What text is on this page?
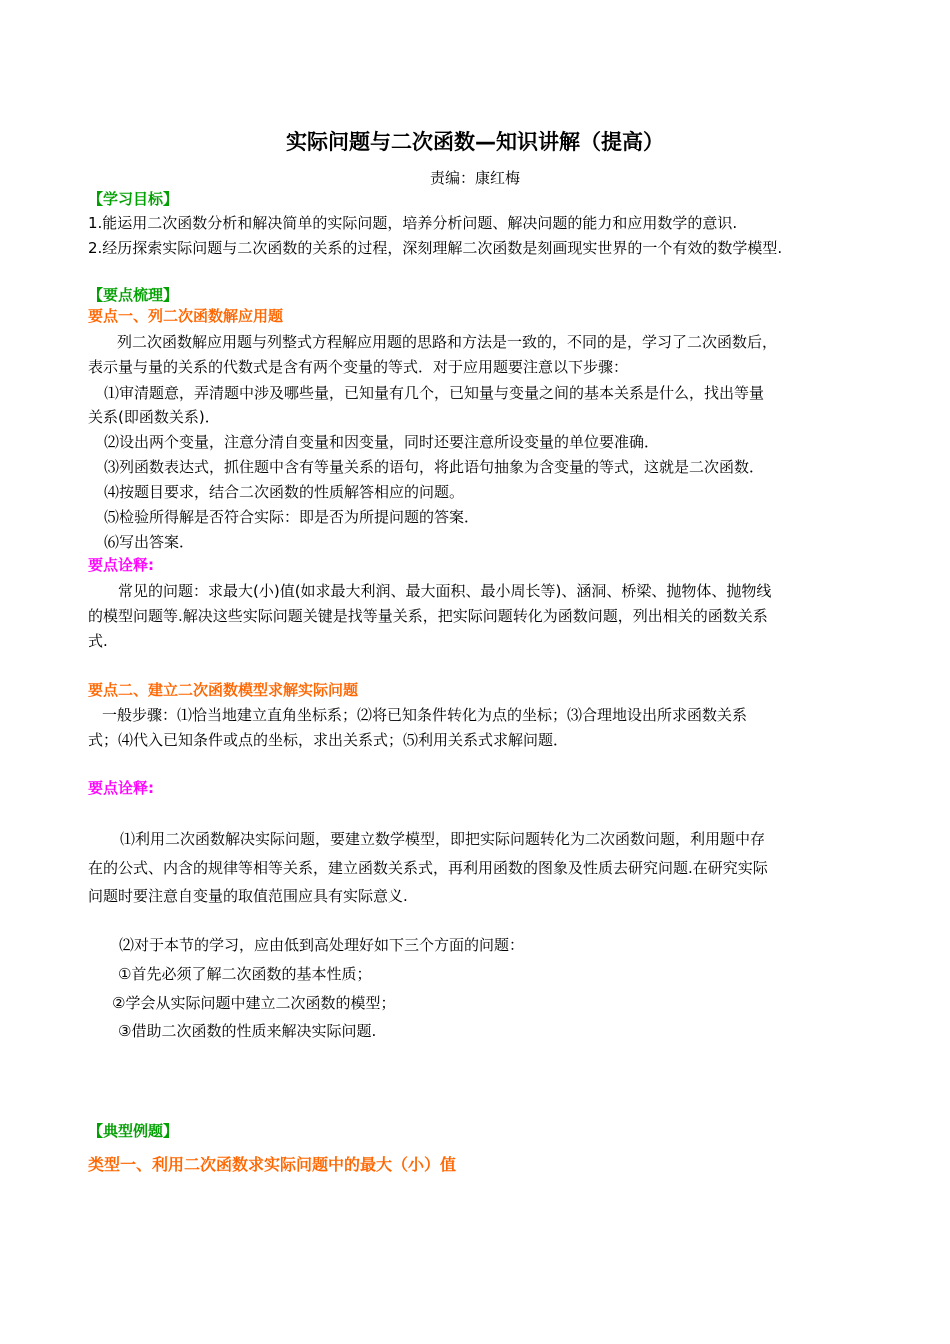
实际问题与二次函数—知识讲解（提高）
责编：康红梅
【学习目标】
1.能运用二次函数分析和解决简单的实际问题，培养分析问题、解决问题的能力和应用数学的意识.
2.经历探索实际问题与二次函数的关系的过程，深刻理解二次函数是刻画现实世界的一个有效的数学模型.
【要点梳理】
要点一、列二次函数解应用题
列二次函数解应用题与列整式方程解应用题的思路和方法是一致的，不同的是，学习了二次函数后，
表示量与量的关系的代数式是含有两个变量的等式．对于应用题要注意以下步骤：
⑴审清题意，弄清题中涉及哪些量，已知量有几个，已知量与变量之间的基本关系是什么，找出等量
关系(即函数关系)．
⑵设出两个变量，注意分清自变量和因变量，同时还要注意所设变量的单位要准确．
⑶列函数表达式，抓住题中含有等量关系的语句，将此语句抽象为含变量的等式，这就是二次函数．
⑷按题目要求，结合二次函数的性质解答相应的问题。
⑸检验所得解是否符合实际：即是否为所提问题的答案．
⑹写出答案．
要点诠释:
常见的问题：求最大(小)值(如求最大利润、最大面积、最小周长等)、涵洞、桥梁、抛物体、抛物线
的模型问题等.解决这些实际问题关键是找等量关系，把实际问题转化为函数问题，列出相关的函数关系
式.
要点二、建立二次函数模型求解实际问题
一般步骤：⑴恰当地建立直角坐标系；⑵将已知条件转化为点的坐标；⑶合理地设出所求函数关系
式；⑷代入已知条件或点的坐标，求出关系式；⑸利用关系式求解问题．
要点诠释:
⑴利用二次函数解决实际问题，要建立数学模型，即把实际问题转化为二次函数问题，利用题中存
在的公式、内含的规律等相等关系，建立函数关系式，再利用函数的图象及性质去研究问题.在研究实际
问题时要注意自变量的取值范围应具有实际意义.
⑵对于本节的学习，应由低到高处理好如下三个方面的问题：
①首先必须了解二次函数的基本性质；
②学会从实际问题中建立二次函数的模型；
③借助二次函数的性质来解决实际问题.
【典型例题】
类型一、利用二次函数求实际问题中的最大（小）值
